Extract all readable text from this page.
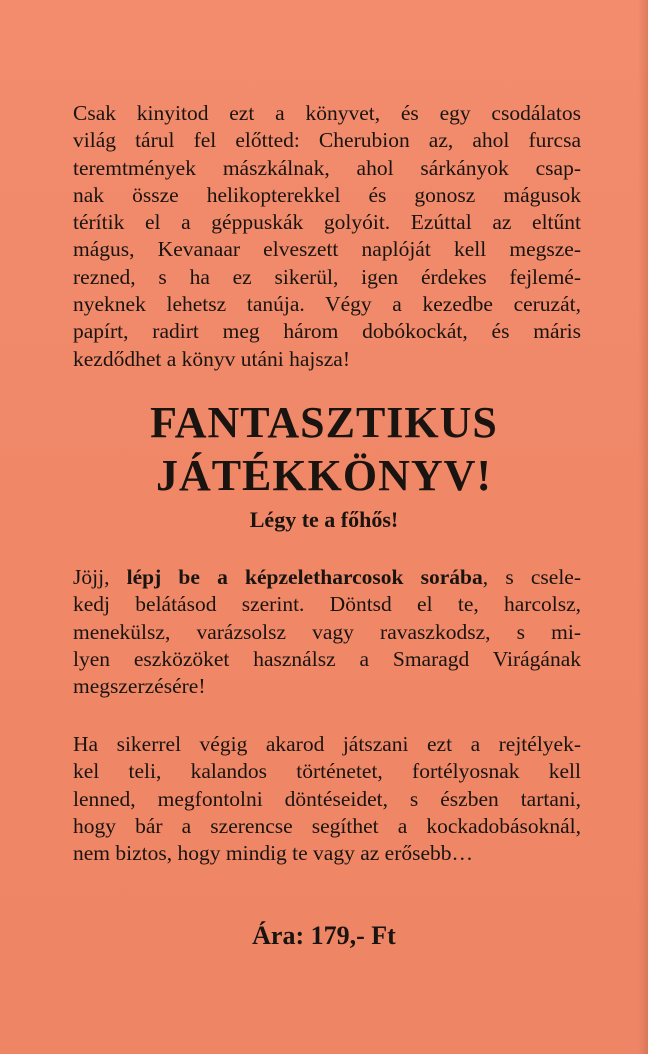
Csak kinyitod ezt a könyvet, és egy csodálatos
világ tárul fel előtted: Cherubion az, ahol furcsa
teremtmények mászkálnak, ahol sárkányok csap-
nak össze helikopterekkel és gonosz mágusok
térítik el a géppuskák golyóit. Ezúttal az eltűnt
mágus, Kevanaar elveszett naplóját kell megsze-
rezned, s ha ez sikerül, igen érdekes fejlemé-
nyeknek lehetsz tanúja. Végy a kezedbe ceruzát,
papírt, radirt meg három dobókockát, és máris
kezdődhet a könyv utáni hajsza!

FANTASZTIKUS
JÁTÉKKÖNYV!
Légy te a főhős!

Jöjj, lépj be a képzeletharcosok sorába, s csele-
kedj belátásod szerint. Döntsd el te, harcolsz,
menekülsz, varázsolsz vagy ravaszkodsz, s mi-
lyen eszközöket használsz a Smaragd Virágának
megszerzésére!

Ha sikerrel végig akarod játszani ezt a rejtélyek-
kel teli, kalandos történetet, fortélyosnak kell
lenned, megfontolni döntéseidet, s észben tartani,
hogy bár a szerencse segíthet a kockadobásoknál,
nem biztos, hogy mindig te vagy az erősebb…

Ára: 179,- Ft
